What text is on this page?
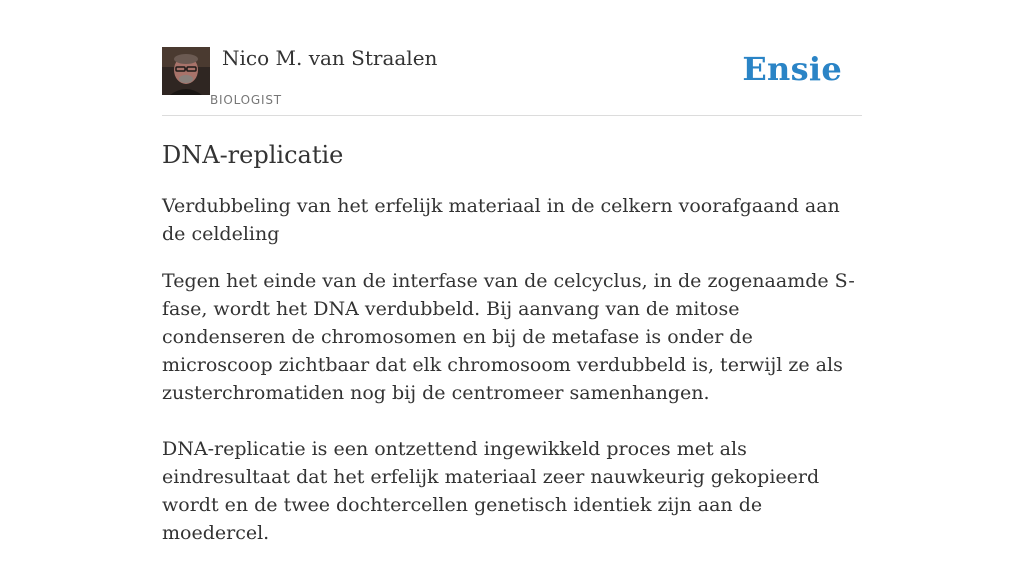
Nico M. van Straalen
BIOLOGIST
Ensie
DNA-replicatie

Verdubbeling van het erfelijk materiaal in de celkern voorafgaand aan de celdeling

Tegen het einde van de interfase van de celcyclus, in de zogenaamde S-fase, wordt het DNA verdubbeld. Bij aanvang van de mitose condenseren de chromosomen en bij de metafase is onder de microscoop zichtbaar dat elk chromosoom verdubbeld is, terwijl ze als zusterchromatiden nog bij de centromeer samenhangen.

DNA-replicatie is een ontzettend ingewikkeld proces met als eindresultaat dat het erfelijk materiaal zeer nauwkeurig gekopieerd wordt en de twee dochtercellen genetisch identiek zijn aan de moedercel.
